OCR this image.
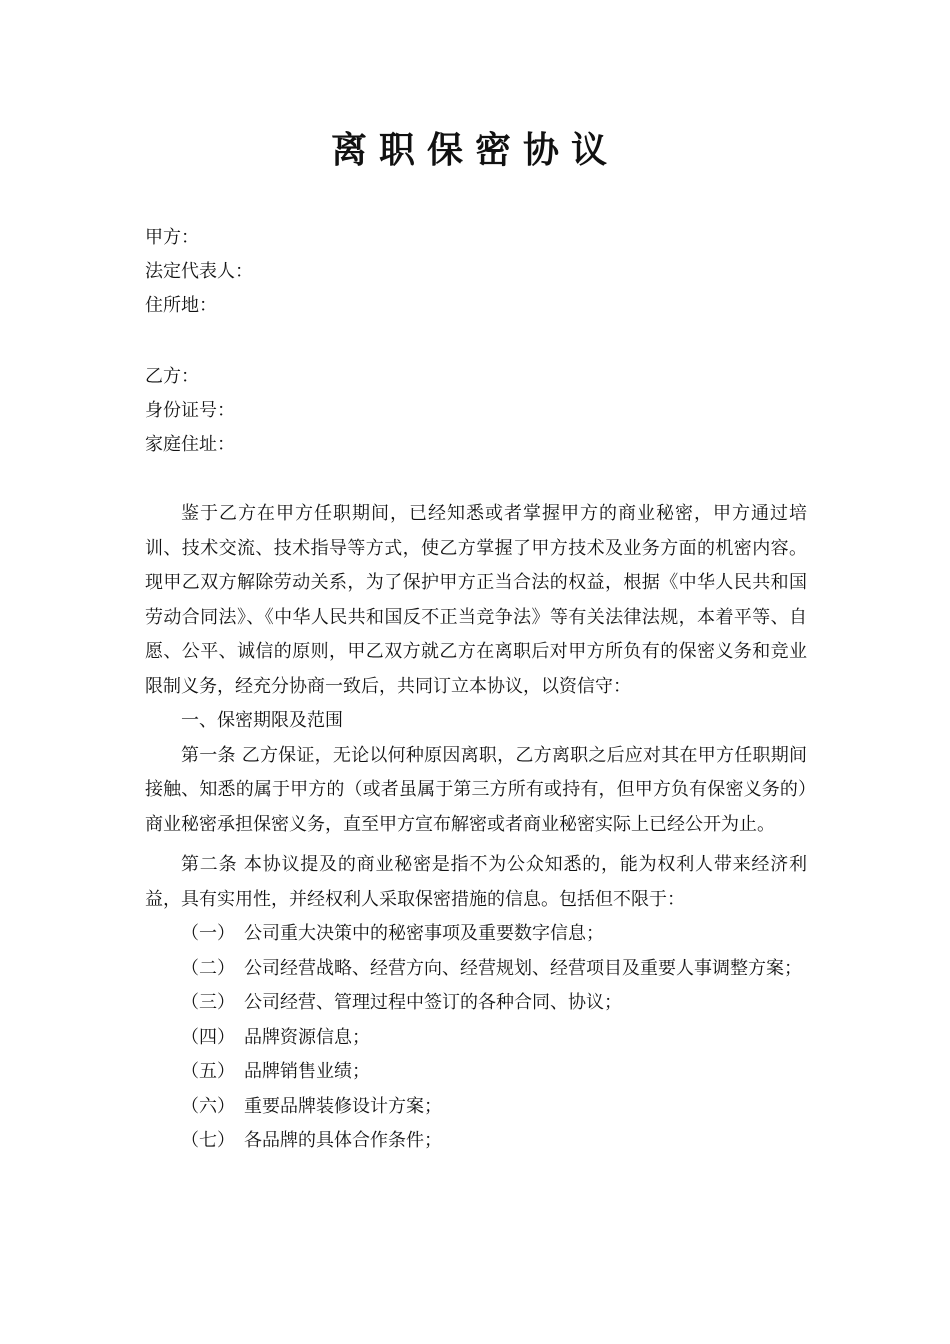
离职保密协议
甲方：
法定代表人：
住所地：
乙方：
身份证号：
家庭住址：

鉴于乙方在甲方任职期间，已经知悉或者掌握甲方的商业秘密，甲方通过培训、技术交流、技术指导等方式，使乙方掌握了甲方技术及业务方面的机密内容。现甲乙双方解除劳动关系，为了保护甲方正当合法的权益，根据《中华人民共和国劳动合同法》、《中华人民共和国反不正当竞争法》等有关法律法规，本着平等、自愿、公平、诚信的原则，甲乙双方就乙方在离职后对甲方所负有的保密义务和竞业限制义务，经充分协商一致后，共同订立本协议，以资信守：

一、保密期限及范围

第一条 乙方保证，无论以何种原因离职，乙方离职之后应对其在甲方任职期间接触、知悉的属于甲方的（或者虽属于第三方所有或持有，但甲方负有保密义务的）商业秘密承担保密义务，直至甲方宣布解密或者商业秘密实际上已经公开为止。

第二条 本协议提及的商业秘密是指不为公众知悉的，能为权利人带来经济利益，具有实用性，并经权利人采取保密措施的信息。包括但不限于：

（一） 公司重大决策中的秘密事项及重要数字信息；
（二） 公司经营战略、经营方向、经营规划、经营项目及重要人事调整方案；
（三） 公司经营、管理过程中签订的各种合同、协议；
（四） 品牌资源信息；
（五） 品牌销售业绩；
（六） 重要品牌装修设计方案；
（七） 各品牌的具体合作条件；
